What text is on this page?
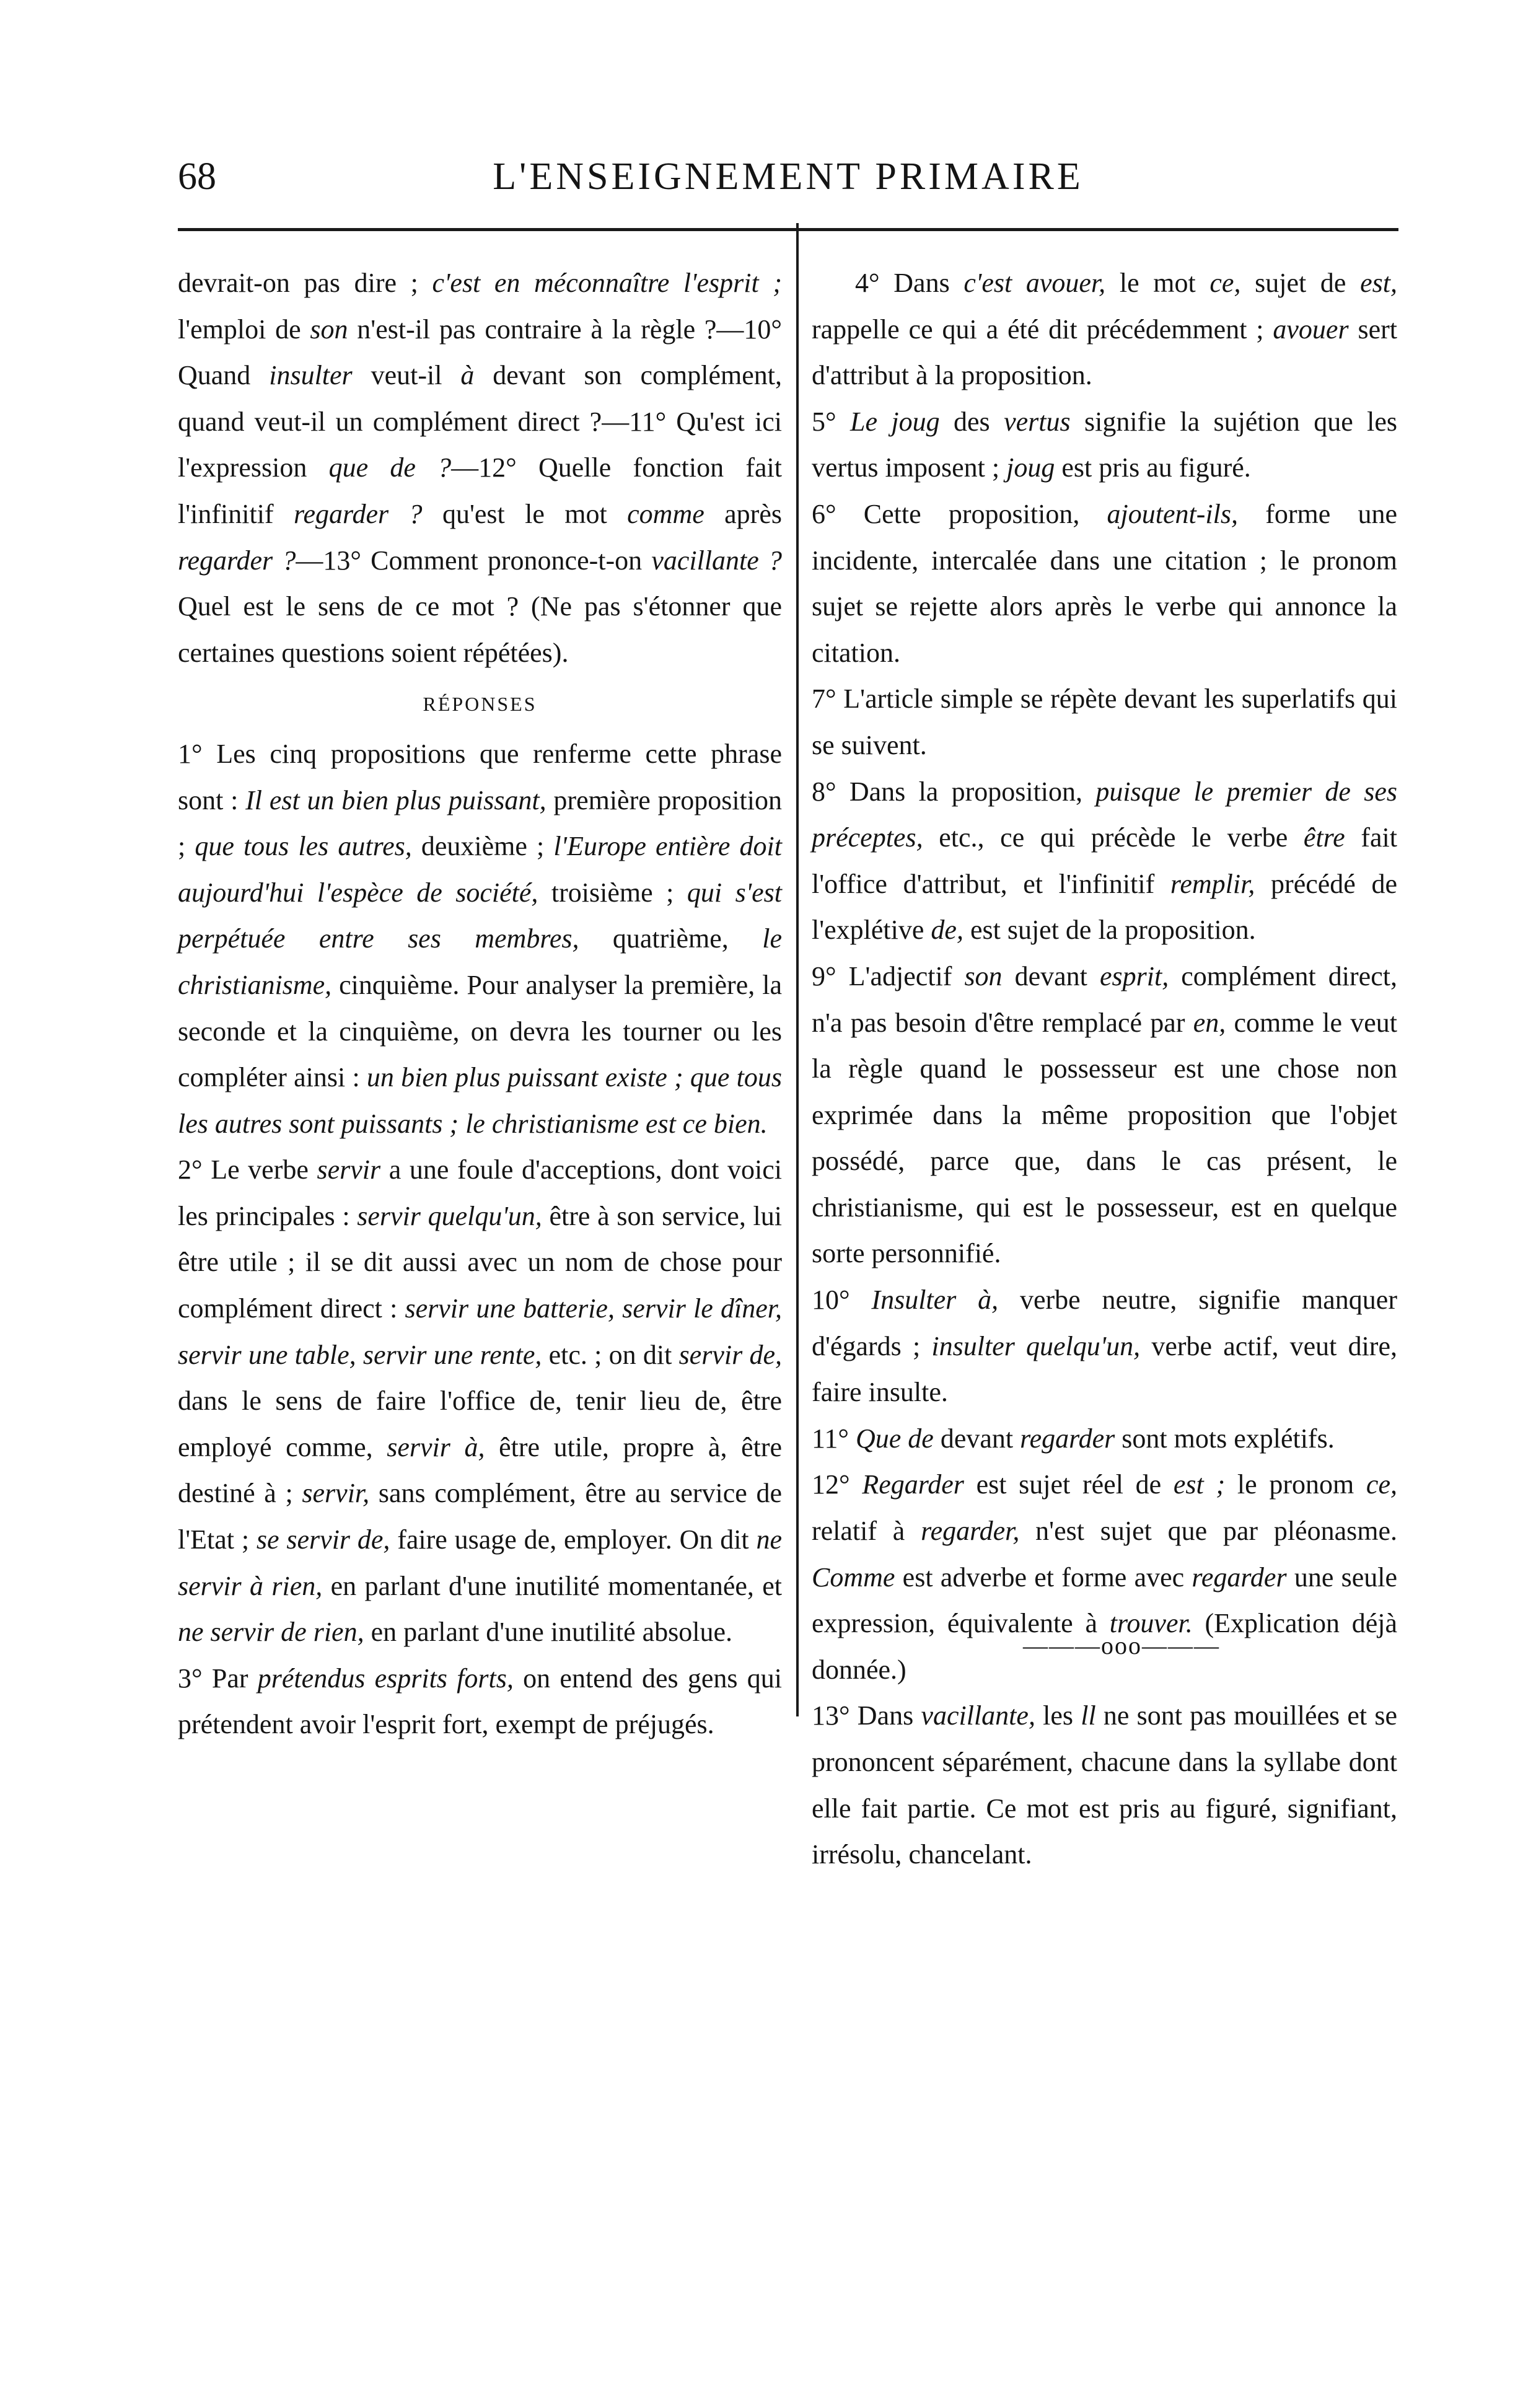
68	L'ENSEIGNEMENT PRIMAIRE

devrait-on pas dire ; c'est en méconnaître l'esprit ; l'emploi de son n'est-il pas contraire à la règle ?—10° Quand insulter veut-il à devant son complément, quand veut-il un complément direct ?—11° Qu'est ici l'expression que de ?—12° Quelle fonction fait l'infinitif regarder ? qu'est le mot comme après regarder ?—13° Comment prononce-t-on vacillante ? Quel est le sens de ce mot ? (Ne pas s'étonner que certaines questions soient répétées).

RÉPONSES

1° Les cinq propositions que renferme cette phrase sont : Il est un bien plus puissant, première proposition ; que tous les autres, deuxième ; l'Europe entière doit aujourd'hui l'espèce de société, troisième ; qui s'est perpétuée entre ses membres, quatrième, le christianisme, cinquième. Pour analyser la première, la seconde et la cinquième, on devra les tourner ou les compléter ainsi : un bien plus puissant existe ; que tous les autres sont puissants ; le christianisme est ce bien.

2° Le verbe servir a une foule d'acceptions, dont voici les principales : servir quelqu'un, être à son service, lui être utile ; il se dit aussi avec un nom de chose pour complément direct : servir une batterie, servir le dîner, servir une table, servir une rente, etc. ; on dit servir de, dans le sens de faire l'office de, tenir lieu de, être employé comme, servir à, être utile, propre à, être destiné à ; servir, sans complément, être au service de l'Etat ; se servir de, faire usage de, employer. On dit ne servir à rien, en parlant d'une inutilité momentanée, et ne servir de rien, en parlant d'une inutilité absolue.

3° Par prétendus esprits forts, on entend des gens qui prétendent avoir l'esprit fort, exempt de préjugés.

4° Dans c'est avouer, le mot ce, sujet de est, rappelle ce qui a été dit précédemment ; avouer sert d'attribut à la proposition.

5° Le joug des vertus signifie la sujétion que les vertus imposent ; joug est pris au figuré.

6° Cette proposition, ajoutent-ils, forme une incidente, intercalée dans une citation ; le pronom sujet se rejette alors après le verbe qui annonce la citation.

7° L'article simple se répète devant les superlatifs qui se suivent.

8° Dans la proposition, puisque le premier de ses préceptes, etc., ce qui précède le verbe être fait l'office d'attribut, et l'infinitif remplir, précédé de l'explétive de, est sujet de la proposition.

9° L'adjectif son devant esprit, complément direct, n'a pas besoin d'être remplacé par en, comme le veut la règle quand le possesseur est une chose non exprimée dans la même proposition que l'objet possédé, parce que, dans le cas présent, le christianisme, qui est le possesseur, est en quelque sorte personnifié.

10° Insulter à, verbe neutre, signifie manquer d'égards ; insulter quelqu'un, verbe actif, veut dire, faire insulte.

11° Que de devant regarder sont mots explétifs.

12° Regarder est sujet réel de est ; le pronom ce, relatif à regarder, n'est sujet que par pléonasme. Comme est adverbe et forme avec regarder une seule expression, équivalente à trouver. (Explication déjà donnée.)

13° Dans vacillante, les ll ne sont pas mouillées et se prononcent séparément, chacune dans la syllabe dont elle fait partie. Ce mot est pris au figuré, signifiant, irrésolu, chancelant.

———ooo———
